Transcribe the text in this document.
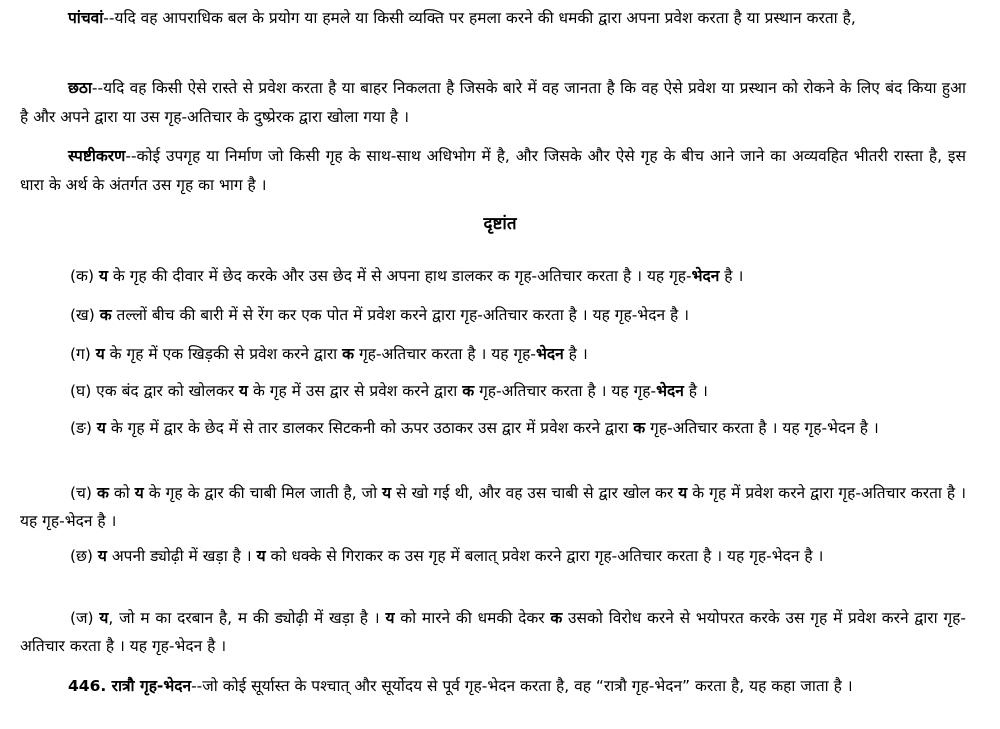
पांचवां--यदि वह आपराधिक बल के प्रयोग या हमले या किसी व्यक्ति पर हमला करने की धमकी द्वारा अपना प्रवेश करता है या प्रस्थान करता है,

छठा--यदि वह किसी ऐसे रास्ते से प्रवेश करता है या बाहर निकलता है जिसके बारे में वह जानता है कि वह ऐसे प्रवेश या प्रस्थान को रोकने के लिए बंद किया हुआ है और अपने द्वारा या उस गृह-अतिचार के दुष्प्रेरक द्वारा खोला गया है ।

स्पष्टीकरण--कोई उपगृह या निर्माण जो किसी गृह के साथ-साथ अधिभोग में है, और जिसके और ऐसे गृह के बीच आने जाने का अव्यवहित भीतरी रास्ता है, इस धारा के अर्थ के अंतर्गत उस गृह का भाग है ।

दृष्टांत

(क) य के गृह की दीवार में छेद करके और उस छेद में से अपना हाथ डालकर क गृह-अतिचार करता है । यह गृह-भेदन है ।

(ख) क तल्लों बीच की बारी में से रेंग कर एक पोत में प्रवेश करने द्वारा गृह-अतिचार करता है । यह गृह-भेदन है ।

(ग) य के गृह में एक खिड़की से प्रवेश करने द्वारा क गृह-अतिचार करता है । यह गृह-भेदन है ।

(घ) एक बंद द्वार को खोलकर य के गृह में उस द्वार से प्रवेश करने द्वारा क गृह-अतिचार करता है । यह गृह-भेदन है ।

(ङ) य के गृह में द्वार के छेद में से तार डालकर सिटकनी को ऊपर उठाकर उस द्वार में प्रवेश करने द्वारा क गृह-अतिचार करता है । यह गृह-भेदन है ।

(च) क को य के गृह के द्वार की चाबी मिल जाती है, जो य से खो गई थी, और वह उस चाबी से द्वार खोल कर य के गृह में प्रवेश करने द्वारा गृह-अतिचार करता है । यह गृह-भेदन है ।

(छ) य अपनी ड्योढ़ी में खड़ा है । य को धक्के से गिराकर क उस गृह में बलात् प्रवेश करने द्वारा गृह-अतिचार करता है । यह गृह-भेदन है ।

(ज) य, जो म का दरबान है, म की ड्योढ़ी में खड़ा है । य को मारने की धमकी देकर क उसको विरोध करने से भयोपरत करके उस गृह में प्रवेश करने द्वारा गृह-अतिचार करता है । यह गृह-भेदन है ।

446. रात्रौ गृह-भेदन--जो कोई सूर्यास्त के पश्चात् और सूर्योदय से पूर्व गृह-भेदन करता है, वह “रात्रौ गृह-भेदन” करता है, यह कहा जाता है ।
